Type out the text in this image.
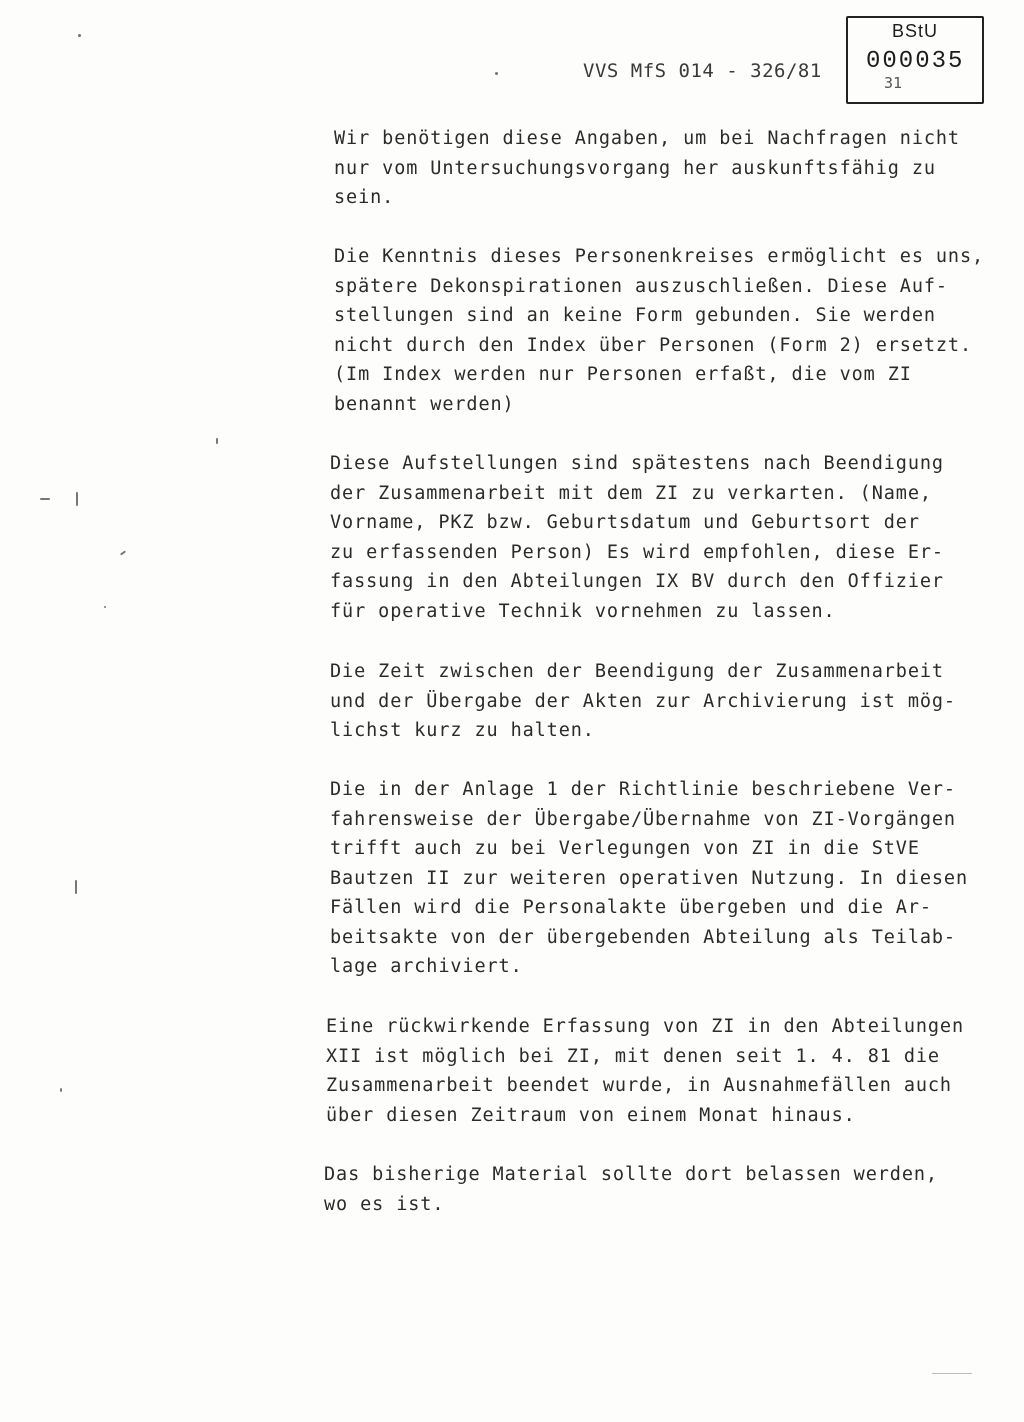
VVS MfS 014 - 326/81
BStU
000035
31

Wir benötigen diese Angaben, um bei Nachfragen nicht
nur vom Untersuchungsvorgang her auskunftsfähig zu
sein.

Die Kenntnis dieses Personenkreises ermöglicht es uns,
spätere Dekonspirationen auszuschließen. Diese Auf-
stellungen sind an keine Form gebunden. Sie werden
nicht durch den Index über Personen (Form 2) ersetzt.
(Im Index werden nur Personen erfaßt, die vom ZI
benannt werden)

Diese Aufstellungen sind spätestens nach Beendigung
der Zusammenarbeit mit dem ZI zu verkarten. (Name,
Vorname, PKZ bzw. Geburtsdatum und Geburtsort der
zu erfassenden Person) Es wird empfohlen, diese Er-
fassung in den Abteilungen IX BV durch den Offizier
für operative Technik vornehmen zu lassen.

Die Zeit zwischen der Beendigung der Zusammenarbeit
und der Übergabe der Akten zur Archivierung ist mög-
lichst kurz zu halten.

Die in der Anlage 1 der Richtlinie beschriebene Ver-
fahrensweise der Übergabe/Übernahme von ZI-Vorgängen
trifft auch zu bei Verlegungen von ZI in die StVE
Bautzen II zur weiteren operativen Nutzung. In diesen
Fällen wird die Personalakte übergeben und die Ar-
beitsakte von der übergebenden Abteilung als Teilab-
lage archiviert.

Eine rückwirkende Erfassung von ZI in den Abteilungen
XII ist möglich bei ZI, mit denen seit 1. 4. 81 die
Zusammenarbeit beendet wurde, in Ausnahmefällen auch
über diesen Zeitraum von einem Monat hinaus.

Das bisherige Material sollte dort belassen werden,
wo es ist.
